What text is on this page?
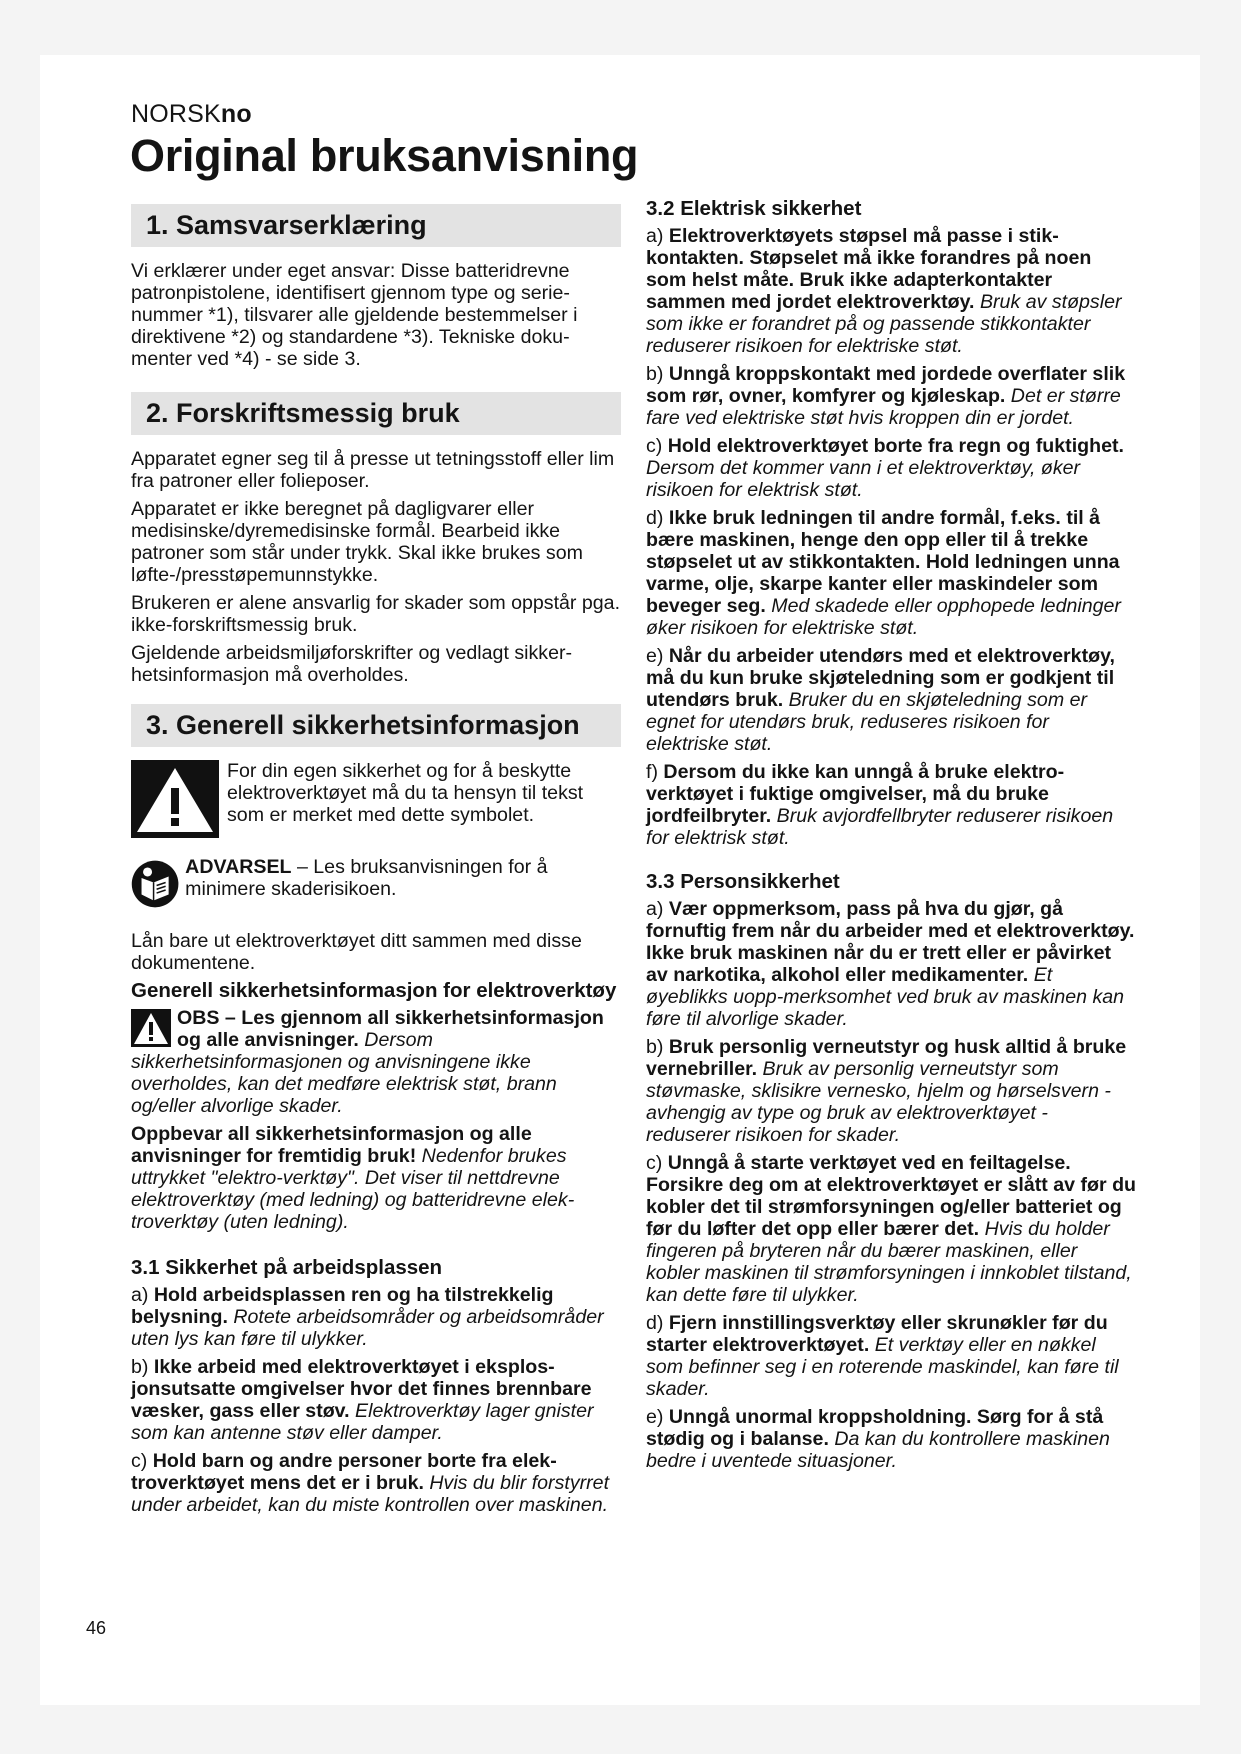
NORSKno
Original bruksanvisning
1. Samsvarserklæring

Vi erklærer under eget ansvar: Disse batteridrevne patronpistolene, identifisert gjennom type og serienummer *1), tilsvarer alle gjeldende bestemmelser i direktivene *2) og standardene *3). Tekniske dokumenter ved *4) - se side 3.

2. Forskriftsmessig bruk

Apparatet egner seg til å presse ut tetningsstoff eller lim fra patroner eller folieposer.

Apparatet er ikke beregnet på dagligvarer eller medisinske/dyremedisinske formål. Bearbeid ikke patroner som står under trykk. Skal ikke brukes som løfte-/presstøpemunnstykke.

Brukeren er alene ansvarlig for skader som oppstår pga. ikke-forskriftsmessig bruk.

Gjeldende arbeidsmiljøforskrifter og vedlagt sikkerhetsinformasjon må overholdes.

3. Generell sikkerhetsinformasjon
For din egen sikkerhet og for å beskytte elektroverktøyet må du ta hensyn til tekst som er merket med dette symbolet.
ADVARSEL – Les bruksanvisningen for å minimere skaderisikoen.

Lån bare ut elektroverktøyet ditt sammen med disse dokumentene.

Generell sikkerhetsinformasjon for elektroverktøy
OBS – Les gjennom all sikkerhetsinformasjon og alle anvisninger. Dersom sikkerhetsinformasjonen og anvisningene ikke overholdes, kan det medføre elektrisk støt, brann og/eller alvorlige skader.

Oppbevar all sikkerhetsinformasjon og alle anvisninger for fremtidig bruk! Nedenfor brukes uttrykket "elektro-verktøy". Det viser til nettdrevne elektroverktøy (med ledning) og batteridrevne elektroverktøy (uten ledning).

3.1 Sikkerhet på arbeidsplassen
a) Hold arbeidsplassen ren og ha tilstrekkelig belysning. Rotete arbeidsområder og arbeidsområder uten lys kan føre til ulykker.
b) Ikke arbeid med elektroverktøyet i eksplosjonsutsatte omgivelser hvor det finnes brennbare væsker, gass eller støv. Elektroverktøy lager gnister som kan antenne støv eller damper.
c) Hold barn og andre personer borte fra elektroverktøyet mens det er i bruk. Hvis du blir forstyrret under arbeidet, kan du miste kontrollen over maskinen.
3.2 Elektrisk sikkerhet
a) Elektroverktøyets støpsel må passe i stikkontakten. Støpselet må ikke forandres på noen som helst måte. Bruk ikke adapterkontakter sammen med jordet elektroverktøy. Bruk av støpsler som ikke er forandret på og passende stikkontakter reduserer risikoen for elektriske støt.
b) Unngå kroppskontakt med jordede overflater slik som rør, ovner, komfyrer og kjøleskap. Det er større fare ved elektriske støt hvis kroppen din er jordet.
c) Hold elektroverktøyet borte fra regn og fuktighet. Dersom det kommer vann i et elektroverktøy, øker risikoen for elektrisk støt.
d) Ikke bruk ledningen til andre formål, f.eks. til å bære maskinen, henge den opp eller til å trekke støpselet ut av stikkontakten. Hold ledningen unna varme, olje, skarpe kanter eller maskindeler som beveger seg. Med skadede eller opphopede ledninger øker risikoen for elektriske støt.
e) Når du arbeider utendørs med et elektroverktøy, må du kun bruke skjøteledning som er godkjent til utendørs bruk. Bruker du en skjøteledning som er egnet for utendørs bruk, reduseres risikoen for elektriske støt.
f) Dersom du ikke kan unngå å bruke elektroverktøyet i fuktige omgivelser, må du bruke jordfeilbryter. Bruk avjordfellbryter reduserer risikoen for elektrisk støt.
3.3 Personsikkerhet
a) Vær oppmerksom, pass på hva du gjør, gå fornuftig frem når du arbeider med et elektroverktøy. Ikke bruk maskinen når du er trett eller er påvirket av narkotika, alkohol eller medikamenter. Et øyeblikks uopp-merksomhet ved bruk av maskinen kan føre til alvorlige skader.
b) Bruk personlig verneutstyr og husk alltid å bruke vernebriller. Bruk av personlig verneutstyr som støvmaske, sklisikre vernesko, hjelm og hørselsvern - avhengig av type og bruk av elektroverktøyet - reduserer risikoen for skader.
c) Unngå å starte verktøyet ved en feiltagelse. Forsikre deg om at elektroverktøyet er slått av før du kobler det til strømforsyningen og/eller batteriet og før du løfter det opp eller bærer det. Hvis du holder fingeren på bryteren når du bærer maskinen, eller kobler maskinen til strømforsyningen i innkoblet tilstand, kan dette føre til ulykker.
d) Fjern innstillingsverktøy eller skrunøkler før du starter elektroverktøyet. Et verktøy eller en nøkkel som befinner seg i en roterende maskindel, kan føre til skader.
e) Unngå unormal kroppsholdning. Sørg for å stå stødig og i balanse. Da kan du kontrollere maskinen bedre i uventede situasjoner.
46
